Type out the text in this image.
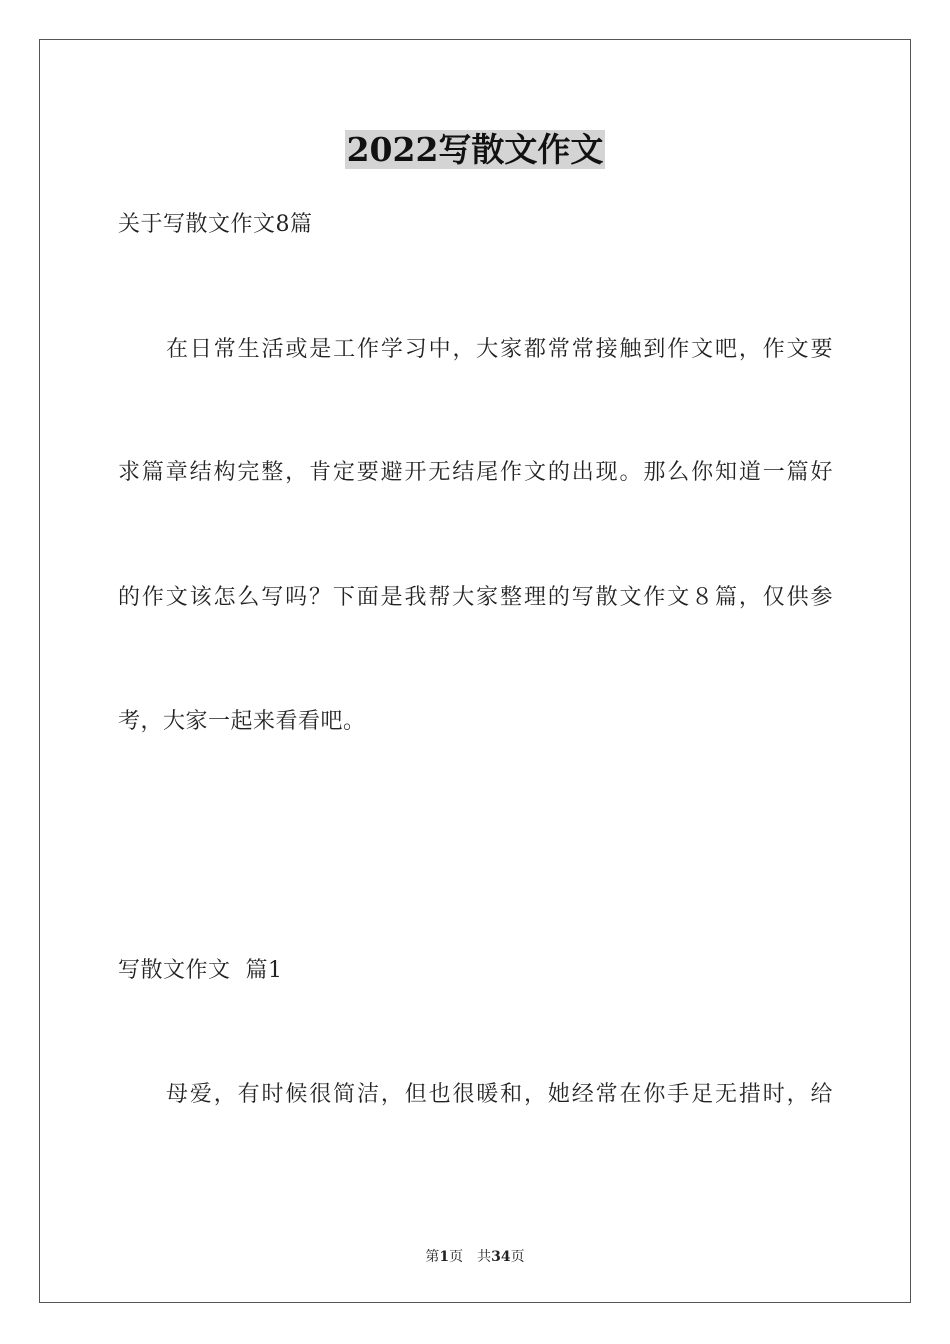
2022写散文作文
关于写散文作文8篇
在日常生活或是工作学习中，大家都常常接触到作文吧，作文要
求篇章结构完整，肯定要避开无结尾作文的出现。那么你知道一篇好
的作文该怎么写吗？下面是我帮大家整理的写散文作文８篇，仅供参
考，大家一起来看看吧。
写散文作文  篇1
母爱，有时候很简洁，但也很暖和，她经常在你手足无措时，给
第1页 共34页
